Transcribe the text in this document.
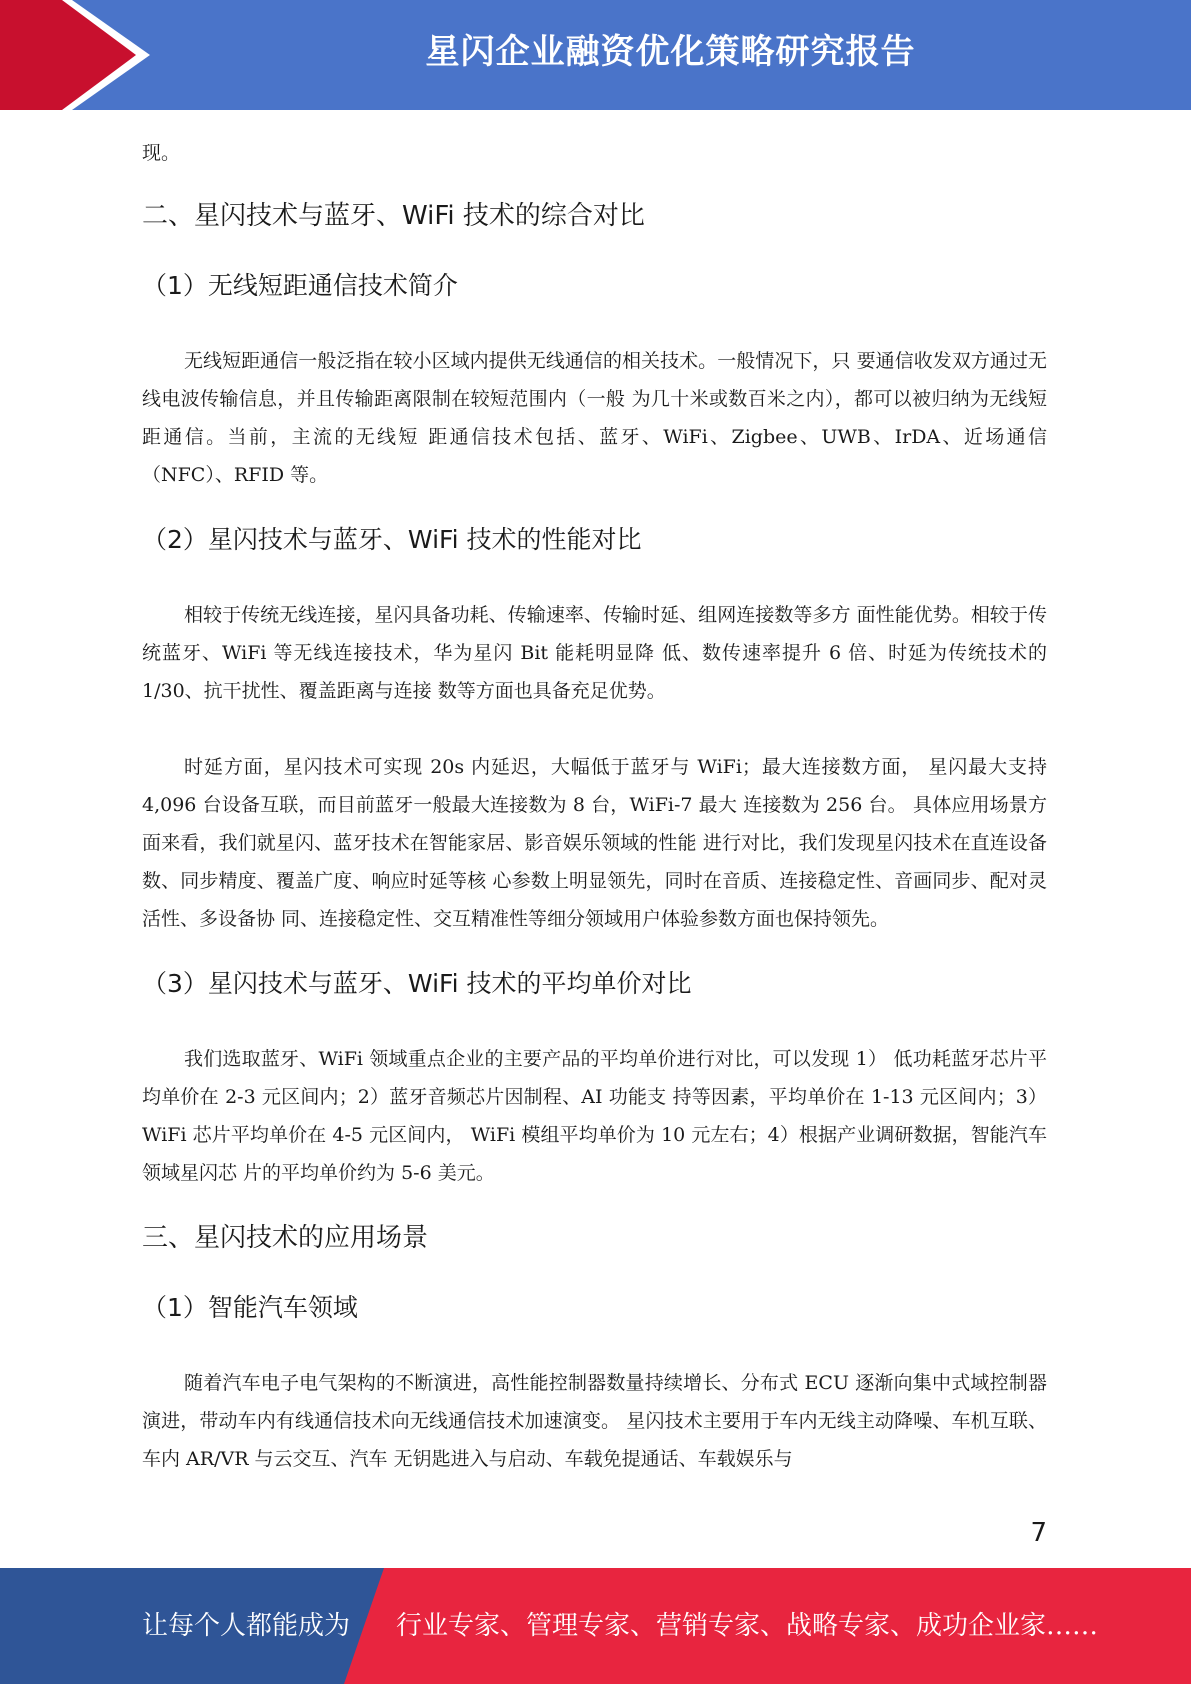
星闪企业融资优化策略研究报告

现。

二、星闪技术与蓝牙、WiFi 技术的综合对比
（1）无线短距通信技术简介

无线短距通信一般泛指在较小区域内提供无线通信的相关技术。一般情况下，只 要通信收发双方通过无线电波传输信息，并且传输距离限制在较短范围内（一般 为几十米或数百米之内），都可以被归纳为无线短距通信。当前，主流的无线短 距通信技术包括、蓝牙、WiFi、Zigbee、UWB、IrDA、近场通信（NFC）、RFID 等。

（2）星闪技术与蓝牙、WiFi 技术的性能对比

相较于传统无线连接，星闪具备功耗、传输速率、传输时延、组网连接数等多方 面性能优势。相较于传统蓝牙、WiFi 等无线连接技术，华为星闪 Bit 能耗明显降 低、数传速率提升 6 倍、时延为传统技术的 1/30、抗干扰性、覆盖距离与连接 数等方面也具备充足优势。

时延方面，星闪技术可实现 20s 内延迟，大幅低于蓝牙与 WiFi；最大连接数方面， 星闪最大支持 4,096 台设备互联，而目前蓝牙一般最大连接数为 8 台，WiFi-7 最大 连接数为 256 台。 具体应用场景方面来看，我们就星闪、蓝牙技术在智能家居、影音娱乐领域的性能 进行对比，我们发现星闪技术在直连设备数、同步精度、覆盖广度、响应时延等核 心参数上明显领先，同时在音质、连接稳定性、音画同步、配对灵活性、多设备协 同、连接稳定性、交互精准性等细分领域用户体验参数方面也保持领先。

（3）星闪技术与蓝牙、WiFi 技术的平均单价对比

我们选取蓝牙、WiFi 领域重点企业的主要产品的平均单价进行对比，可以发现 1） 低功耗蓝牙芯片平均单价在 2-3 元区间内；2）蓝牙音频芯片因制程、AI 功能支 持等因素，平均单价在 1-13 元区间内；3）WiFi 芯片平均单价在 4-5 元区间内， WiFi 模组平均单价为 10 元左右；4）根据产业调研数据，智能汽车领域星闪芯 片的平均单价约为 5-6 美元。

三、星闪技术的应用场景
（1）智能汽车领域

随着汽车电子电气架构的不断演进，高性能控制器数量持续增长、分布式 ECU 逐渐向集中式域控制器演进，带动车内有线通信技术向无线通信技术加速演变。 星闪技术主要用于车内无线主动降噪、车机互联、车内 AR/VR 与云交互、汽车 无钥匙进入与启动、车载免提通话、车载娱乐与

7
让每个人都能成为 行业专家、管理专家、营销专家、战略专家、成功企业家……
